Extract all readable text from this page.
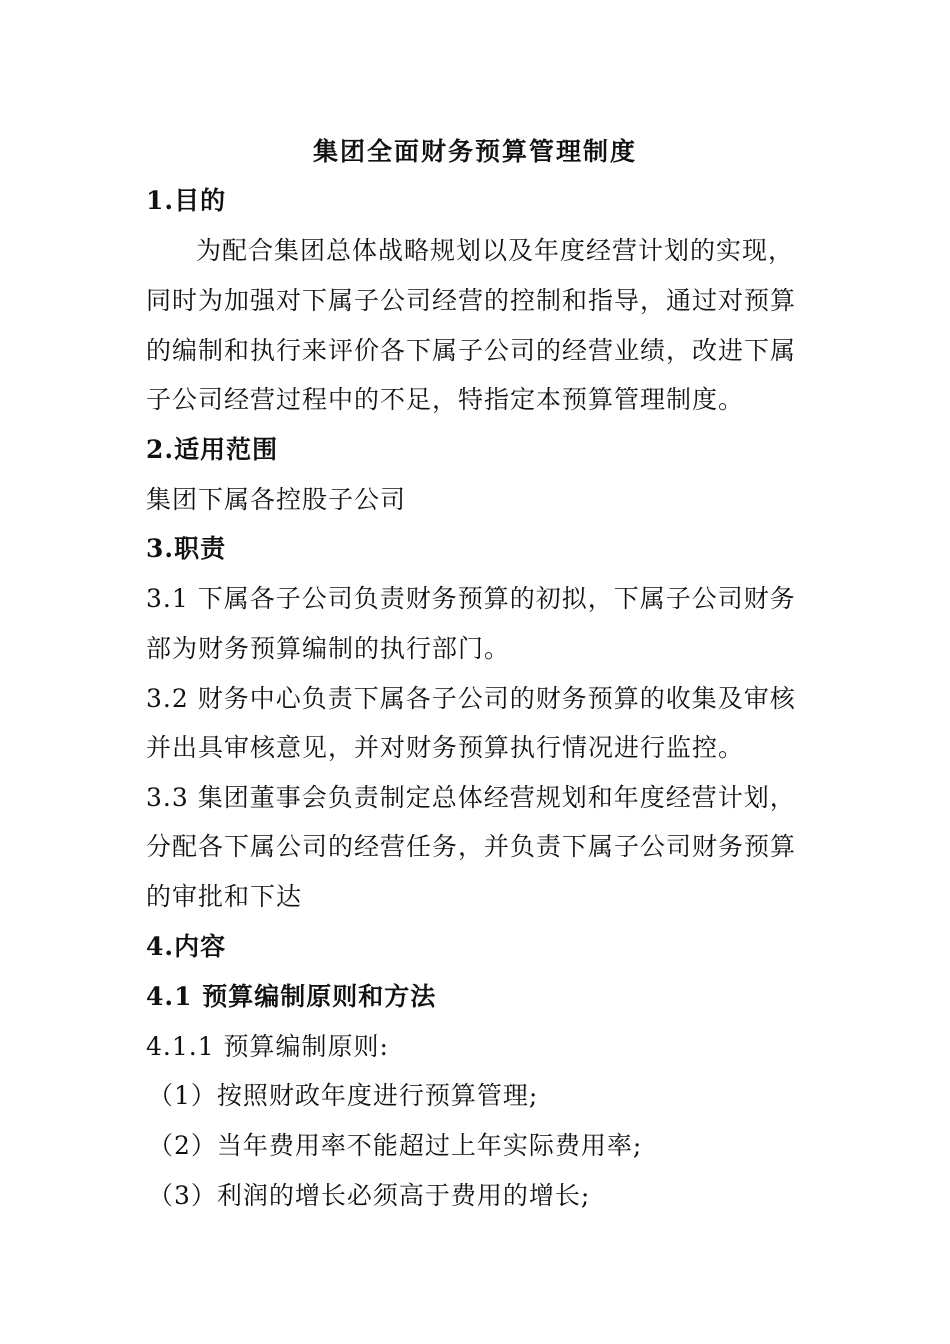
集团全面财务预算管理制度
1.目的
为配合集团总体战略规划以及年度经营计划的实现，
同时为加强对下属子公司经营的控制和指导，通过对预算
的编制和执行来评价各下属子公司的经营业绩，改进下属
子公司经营过程中的不足，特指定本预算管理制度。
2.适用范围
集团下属各控股子公司
3.职责
3.1 下属各子公司负责财务预算的初拟，下属子公司财务
部为财务预算编制的执行部门。
3.2 财务中心负责下属各子公司的财务预算的收集及审核
并出具审核意见，并对财务预算执行情况进行监控。
3.3 集团董事会负责制定总体经营规划和年度经营计划，
分配各下属公司的经营任务，并负责下属子公司财务预算
的审批和下达
4.内容
4.1 预算编制原则和方法
4.1.1 预算编制原则:
（1）按照财政年度进行预算管理;
（2）当年费用率不能超过上年实际费用率;
（3）利润的增长必须高于费用的增长;
